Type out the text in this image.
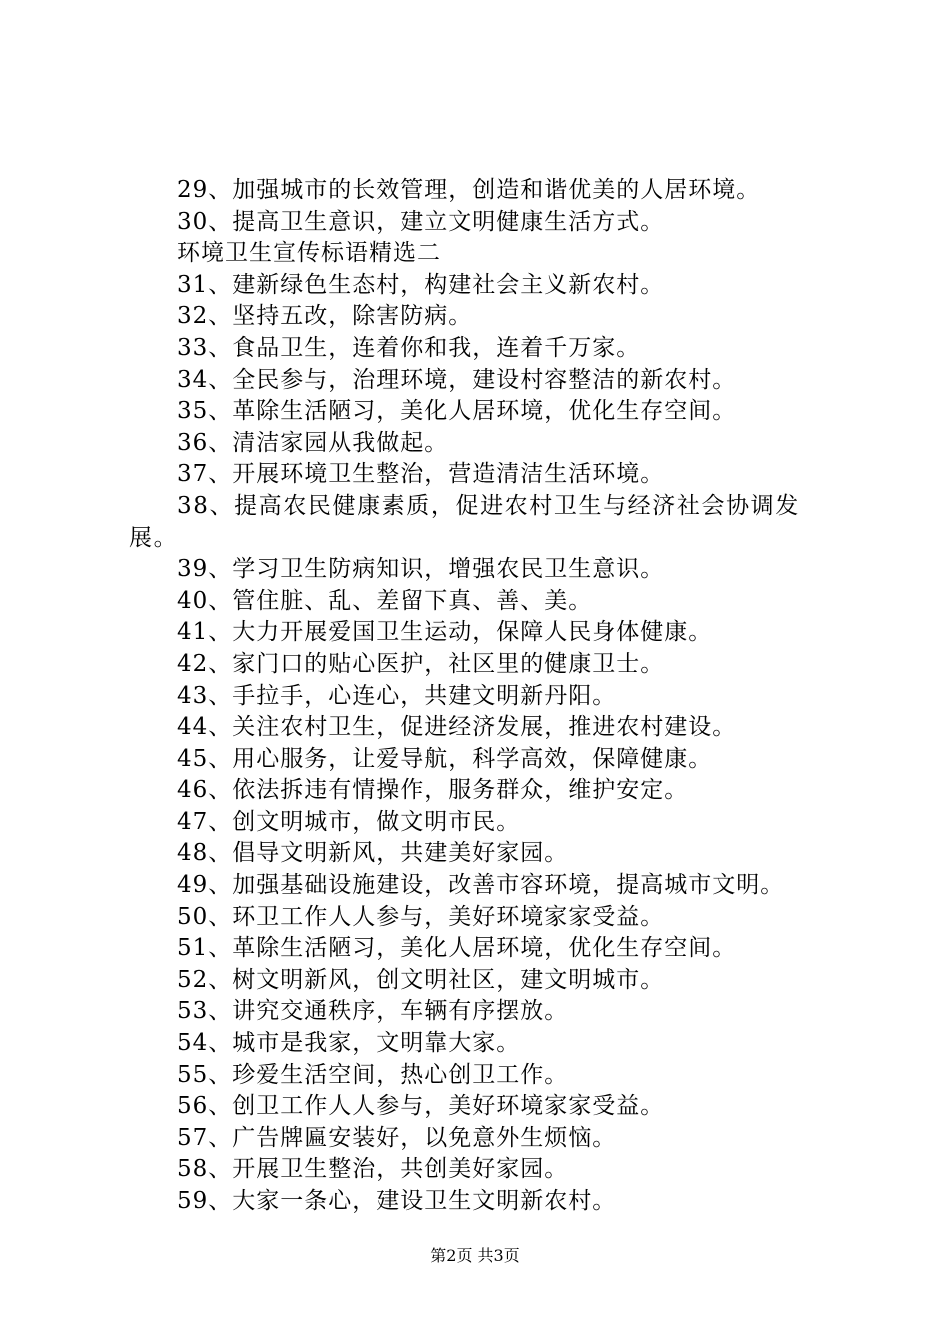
29、加强城市的长效管理，创造和谐优美的人居环境。
30、提高卫生意识，建立文明健康生活方式。
环境卫生宣传标语精选二
31、建新绿色生态村，构建社会主义新农村。
32、坚持五改，除害防病。
33、食品卫生，连着你和我，连着千万家。
34、全民参与，治理环境，建设村容整洁的新农村。
35、革除生活陋习，美化人居环境，优化生存空间。
36、清洁家园从我做起。
37、开展环境卫生整治，营造清洁生活环境。
38、提高农民健康素质，促进农村卫生与经济社会协调发展。
39、学习卫生防病知识，增强农民卫生意识。
40、管住脏、乱、差留下真、善、美。
41、大力开展爱国卫生运动，保障人民身体健康。
42、家门口的贴心医护，社区里的健康卫士。
43、手拉手，心连心，共建文明新丹阳。
44、关注农村卫生，促进经济发展，推进农村建设。
45、用心服务，让爱导航，科学高效，保障健康。
46、依法拆违有情操作，服务群众，维护安定。
47、创文明城市，做文明市民。
48、倡导文明新风，共建美好家园。
49、加强基础设施建设，改善市容环境，提高城市文明。
50、环卫工作人人参与，美好环境家家受益。
51、革除生活陋习，美化人居环境，优化生存空间。
52、树文明新风，创文明社区，建文明城市。
53、讲究交通秩序，车辆有序摆放。
54、城市是我家，文明靠大家。
55、珍爱生活空间，热心创卫工作。
56、创卫工作人人参与，美好环境家家受益。
57、广告牌匾安装好，以免意外生烦恼。
58、开展卫生整治，共创美好家园。
59、大家一条心，建设卫生文明新农村。
第2页 共3页
